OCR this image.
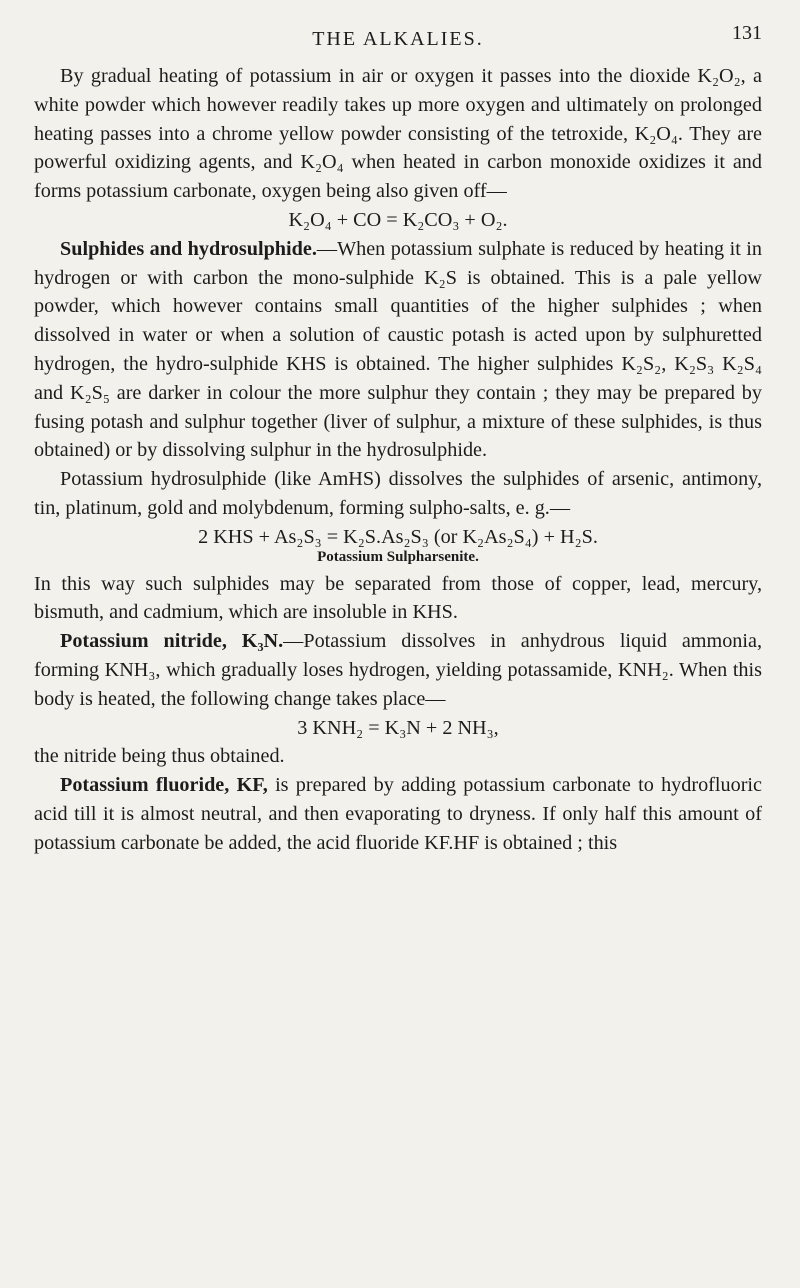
THE ALKALIES.	131

By gradual heating of potassium in air or oxygen it passes into the dioxide K₂O₂, a white powder which however readily takes up more oxygen and ultimately on prolonged heating passes into a chrome yellow powder consisting of the tetroxide, K₂O₄. They are powerful oxidizing agents, and K₂O₄ when heated in carbon monoxide oxidizes it and forms potassium carbonate, oxygen being also given off—

K₂O₄ + CO = K₂CO₃ + O₂.

Sulphides and hydrosulphide.—When potassium sulphate is reduced by heating it in hydrogen or with carbon the mono-sulphide K₂S is obtained. This is a pale yellow powder, which however contains small quantities of the higher sulphides ; when dissolved in water or when a solution of caustic potash is acted upon by sulphuretted hydrogen, the hydro-sulphide KHS is obtained. The higher sulphides K₂S₂, K₂S₃ K₂S₄ and K₂S₅ are darker in colour the more sulphur they contain ; they may be prepared by fusing potash and sulphur together (liver of sulphur, a mixture of these sulphides, is thus obtained) or by dissolving sulphur in the hydrosulphide.

Potassium hydrosulphide (like AmHS) dissolves the sulphides of arsenic, antimony, tin, platinum, gold and molybdenum, forming sulpho-salts, e. g.—

2 KHS + As₂S₃ = K₂S.As₂S₃ (or K₂As₂S₄) + H₂S.

Potassium Sulpharsenite.

In this way such sulphides may be separated from those of copper, lead, mercury, bismuth, and cadmium, which are insoluble in KHS.

Potassium nitride, K₃N.—Potassium dissolves in anhydrous liquid ammonia, forming KNH₃, which gradually loses hydrogen, yielding potassamide, KNH₂. When this body is heated, the following change takes place—

3 KNH₂ = K₃N + 2 NH₃,

the nitride being thus obtained.

Potassium fluoride, KF, is prepared by adding potassium carbonate to hydrofluoric acid till it is almost neutral, and then evaporating to dryness. If only half this amount of potassium carbonate be added, the acid fluoride KF.HF is obtained ; this
